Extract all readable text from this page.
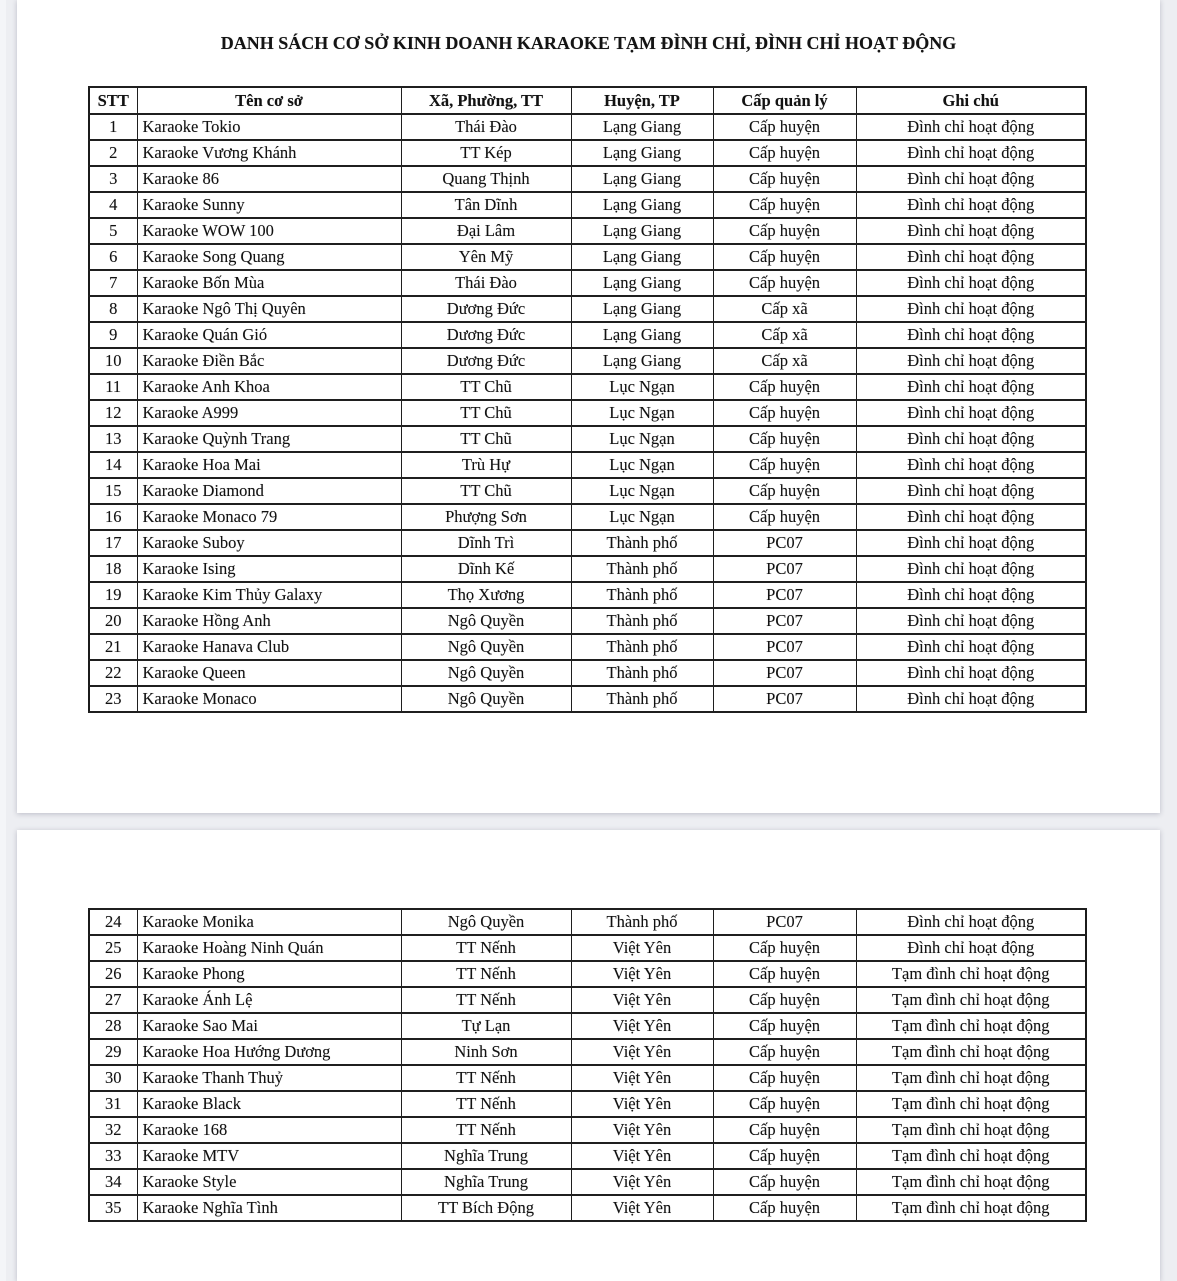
DANH SÁCH CƠ SỞ KINH DOANH KARAOKE TẠM ĐÌNH CHỈ, ĐÌNH CHỈ HOẠT ĐỘNG
STT	Tên cơ sở	Xã, Phường, TT	Huyện, TP	Cấp quản lý	Ghi chú
1	Karaoke Tokio	Thái Đào	Lạng Giang	Cấp huyện	Đình chỉ hoạt động
2	Karaoke Vương Khánh	TT Kép	Lạng Giang	Cấp huyện	Đình chỉ hoạt động
3	Karaoke 86	Quang Thịnh	Lạng Giang	Cấp huyện	Đình chỉ hoạt động
4	Karaoke Sunny	Tân Dĩnh	Lạng Giang	Cấp huyện	Đình chỉ hoạt động
5	Karaoke WOW 100	Đại Lâm	Lạng Giang	Cấp huyện	Đình chỉ hoạt động
6	Karaoke Song Quang	Yên Mỹ	Lạng Giang	Cấp huyện	Đình chỉ hoạt động
7	Karaoke Bốn Mùa	Thái Đào	Lạng Giang	Cấp huyện	Đình chỉ hoạt động
8	Karaoke Ngô Thị Quyên	Dương Đức	Lạng Giang	Cấp xã	Đình chỉ hoạt động
9	Karaoke Quán Gió	Dương Đức	Lạng Giang	Cấp xã	Đình chỉ hoạt động
10	Karaoke Điền Bắc	Dương Đức	Lạng Giang	Cấp xã	Đình chỉ hoạt động
11	Karaoke Anh Khoa	TT Chũ	Lục Ngạn	Cấp huyện	Đình chỉ hoạt động
12	Karaoke A999	TT Chũ	Lục Ngạn	Cấp huyện	Đình chỉ hoạt động
13	Karaoke Quỳnh Trang	TT Chũ	Lục Ngạn	Cấp huyện	Đình chỉ hoạt động
14	Karaoke Hoa Mai	Trù Hự	Lục Ngạn	Cấp huyện	Đình chỉ hoạt động
15	Karaoke Diamond	TT Chũ	Lục Ngạn	Cấp huyện	Đình chỉ hoạt động
16	Karaoke Monaco 79	Phượng Sơn	Lục Ngạn	Cấp huyện	Đình chỉ hoạt động
17	Karaoke Suboy	Dĩnh Trì	Thành phố	PC07	Đình chỉ hoạt động
18	Karaoke Ising	Dĩnh Kế	Thành phố	PC07	Đình chỉ hoạt động
19	Karaoke Kim Thủy Galaxy	Thọ Xương	Thành phố	PC07	Đình chỉ hoạt động
20	Karaoke Hồng Anh	Ngô Quyền	Thành phố	PC07	Đình chỉ hoạt động
21	Karaoke Hanava Club	Ngô Quyền	Thành phố	PC07	Đình chỉ hoạt động
22	Karaoke Queen	Ngô Quyền	Thành phố	PC07	Đình chỉ hoạt động
23	Karaoke Monaco	Ngô Quyền	Thành phố	PC07	Đình chỉ hoạt động
24	Karaoke Monika	Ngô Quyền	Thành phố	PC07	Đình chỉ hoạt động
25	Karaoke Hoàng Ninh Quán	TT Nếnh	Việt Yên	Cấp huyện	Đình chỉ hoạt động
26	Karaoke Phong	TT Nếnh	Việt Yên	Cấp huyện	Tạm đình chỉ hoạt động
27	Karaoke Ánh Lệ	TT Nếnh	Việt Yên	Cấp huyện	Tạm đình chỉ hoạt động
28	Karaoke Sao Mai	Tự Lạn	Việt Yên	Cấp huyện	Tạm đình chỉ hoạt động
29	Karaoke Hoa Hướng Dương	Ninh Sơn	Việt Yên	Cấp huyện	Tạm đình chỉ hoạt động
30	Karaoke Thanh Thuỷ	TT Nếnh	Việt Yên	Cấp huyện	Tạm đình chỉ hoạt động
31	Karaoke Black	TT Nếnh	Việt Yên	Cấp huyện	Tạm đình chỉ hoạt động
32	Karaoke 168	TT Nếnh	Việt Yên	Cấp huyện	Tạm đình chỉ hoạt động
33	Karaoke MTV	Nghĩa Trung	Việt Yên	Cấp huyện	Tạm đình chỉ hoạt động
34	Karaoke Style	Nghĩa Trung	Việt Yên	Cấp huyện	Tạm đình chỉ hoạt động
35	Karaoke Nghĩa Tình	TT Bích Động	Việt Yên	Cấp huyện	Tạm đình chỉ hoạt động
